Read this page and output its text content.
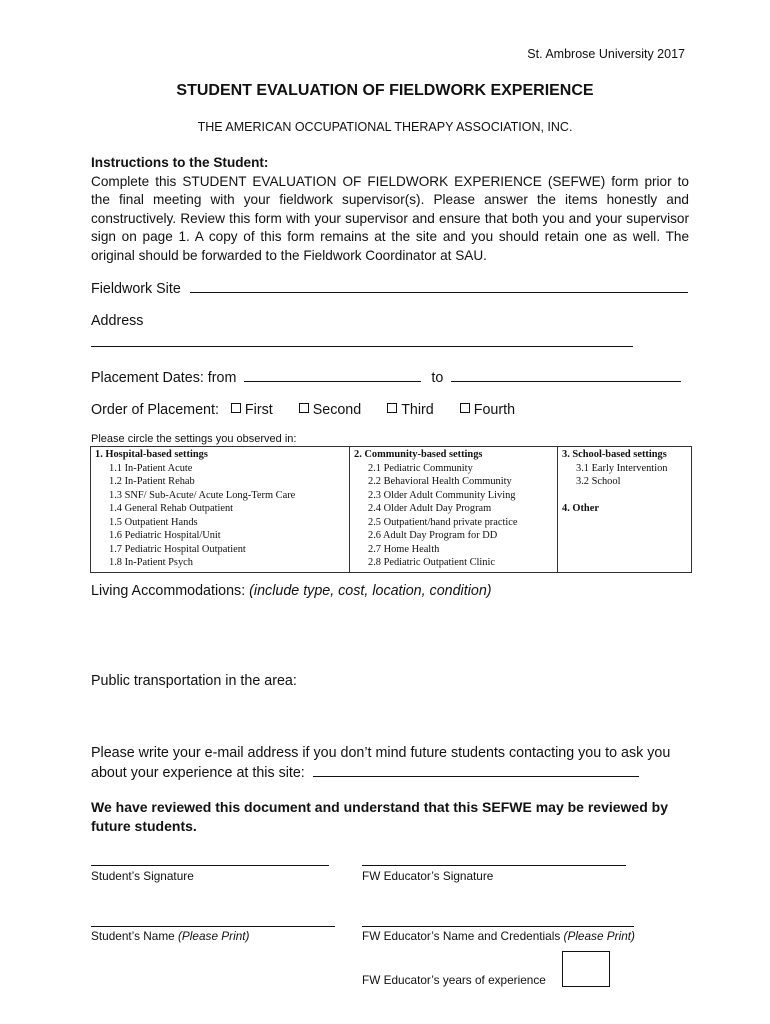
St. Ambrose University 2017
STUDENT EVALUATION OF FIELDWORK EXPERIENCE
THE AMERICAN OCCUPATIONAL THERAPY ASSOCIATION, INC.
Instructions to the Student:
Complete this STUDENT EVALUATION OF FIELDWORK EXPERIENCE (SEFWE) form prior to the final meeting with your fieldwork supervisor(s). Please answer the items honestly and constructively. Review this form with your supervisor and ensure that both you and your supervisor sign on page 1. A copy of this form remains at the site and you should retain one as well. The original should be forwarded to the Fieldwork Coordinator at SAU.
Fieldwork Site
Address
Placement Dates: from	to
Order of Placement: First	Second	Third	Fourth
Please circle the settings you observed in:
1. Hospital-based settings
1.1 In-Patient Acute
1.2 In-Patient Rehab
1.3 SNF/ Sub-Acute/ Acute Long-Term Care
1.4 General Rehab Outpatient
1.5 Outpatient Hands
1.6 Pediatric Hospital/Unit
1.7 Pediatric Hospital Outpatient
1.8 In-Patient Psych

2. Community-based settings
2.1 Pediatric Community
2.2 Behavioral Health Community
2.3 Older Adult Community Living
2.4 Older Adult Day Program
2.5 Outpatient/hand private practice
2.6 Adult Day Program for DD
2.7 Home Health
2.8 Pediatric Outpatient Clinic

3. School-based settings
3.1 Early Intervention
3.2 School
4. Other
Living Accommodations: (include type, cost, location, condition)
Public transportation in the area:
Please write your e-mail address if you don’t mind future students contacting you to ask you
about your experience at this site:
We have reviewed this document and understand that this SEFWE may be reviewed by future students.
Student’s Signature	FW Educator’s Signature
Student’s Name (Please Print)	FW Educator’s Name and Credentials (Please Print)
FW Educator’s years of experience
